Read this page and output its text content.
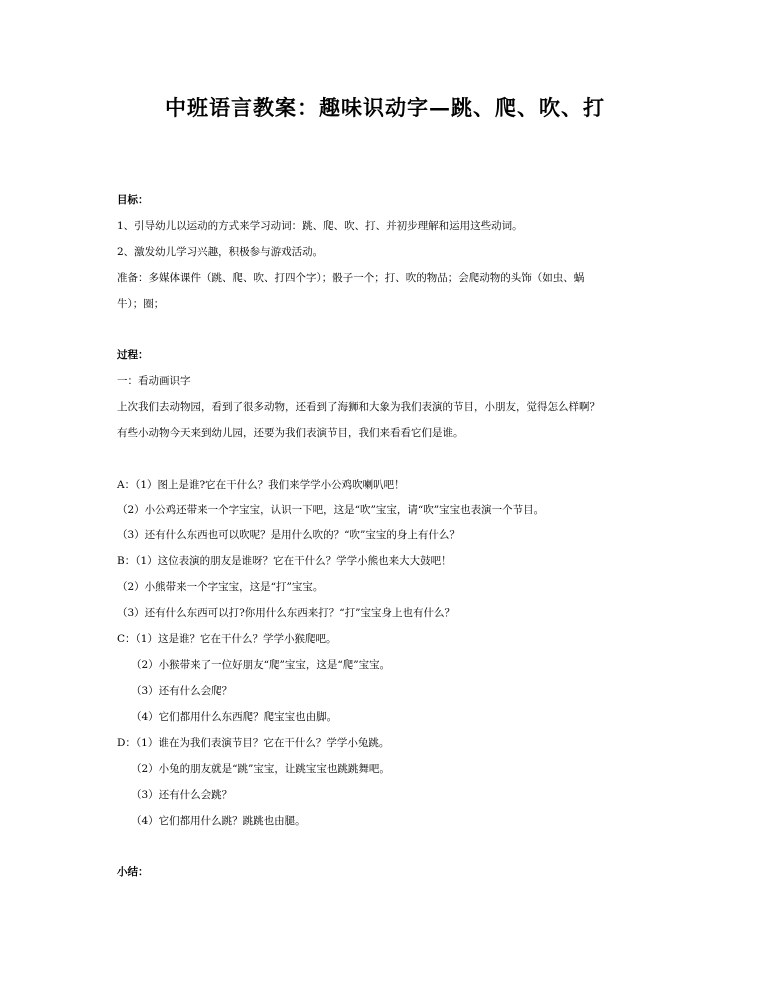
中班语言教案：趣味识动字—跳、爬、吹、打
目标：
1、引导幼儿以运动的方式来学习动词：跳、爬、吹、打、并初步理解和运用这些动词。
2、激发幼儿学习兴趣，积极参与游戏活动。
准备：多媒体课件（跳、爬、吹、打四个字）；骰子一个；打、吹的物品；会爬动物的头饰（如虫、蜗
牛）；圈；
过程：
一：看动画识字
上次我们去动物园，看到了很多动物，还看到了海狮和大象为我们表演的节目，小朋友，觉得怎么样啊？
有些小动物今天来到幼儿园，还要为我们表演节目，我们来看看它们是谁。
A：（1）图上是谁?它在干什么？我们来学学小公鸡吹喇叭吧！
（2）小公鸡还带来一个字宝宝，认识一下吧，这是“吹”宝宝，请“吹”宝宝也表演一个节目。
（3）还有什么东西也可以吹呢？是用什么吹的？“吹”宝宝的身上有什么？
B：（1）这位表演的朋友是谁呀？它在干什么？学学小熊也来大大鼓吧！
（2）小熊带来一个字宝宝，这是“打”宝宝。
（3）还有什么东西可以打?你用什么东西来打？“打”宝宝身上也有什么？
C：（1）这是谁？它在干什么？学学小猴爬吧。
（2）小猴带来了一位好朋友“爬”宝宝，这是“爬”宝宝。
（3）还有什么会爬？
（4）它们都用什么东西爬？爬宝宝也由脚。
D：（1）谁在为我们表演节目？它在干什么？学学小兔跳。
（2）小兔的朋友就是“跳”宝宝，让跳宝宝也跳跳舞吧。
（3）还有什么会跳？
（4）它们都用什么跳？跳跳也由腿。
小结：
